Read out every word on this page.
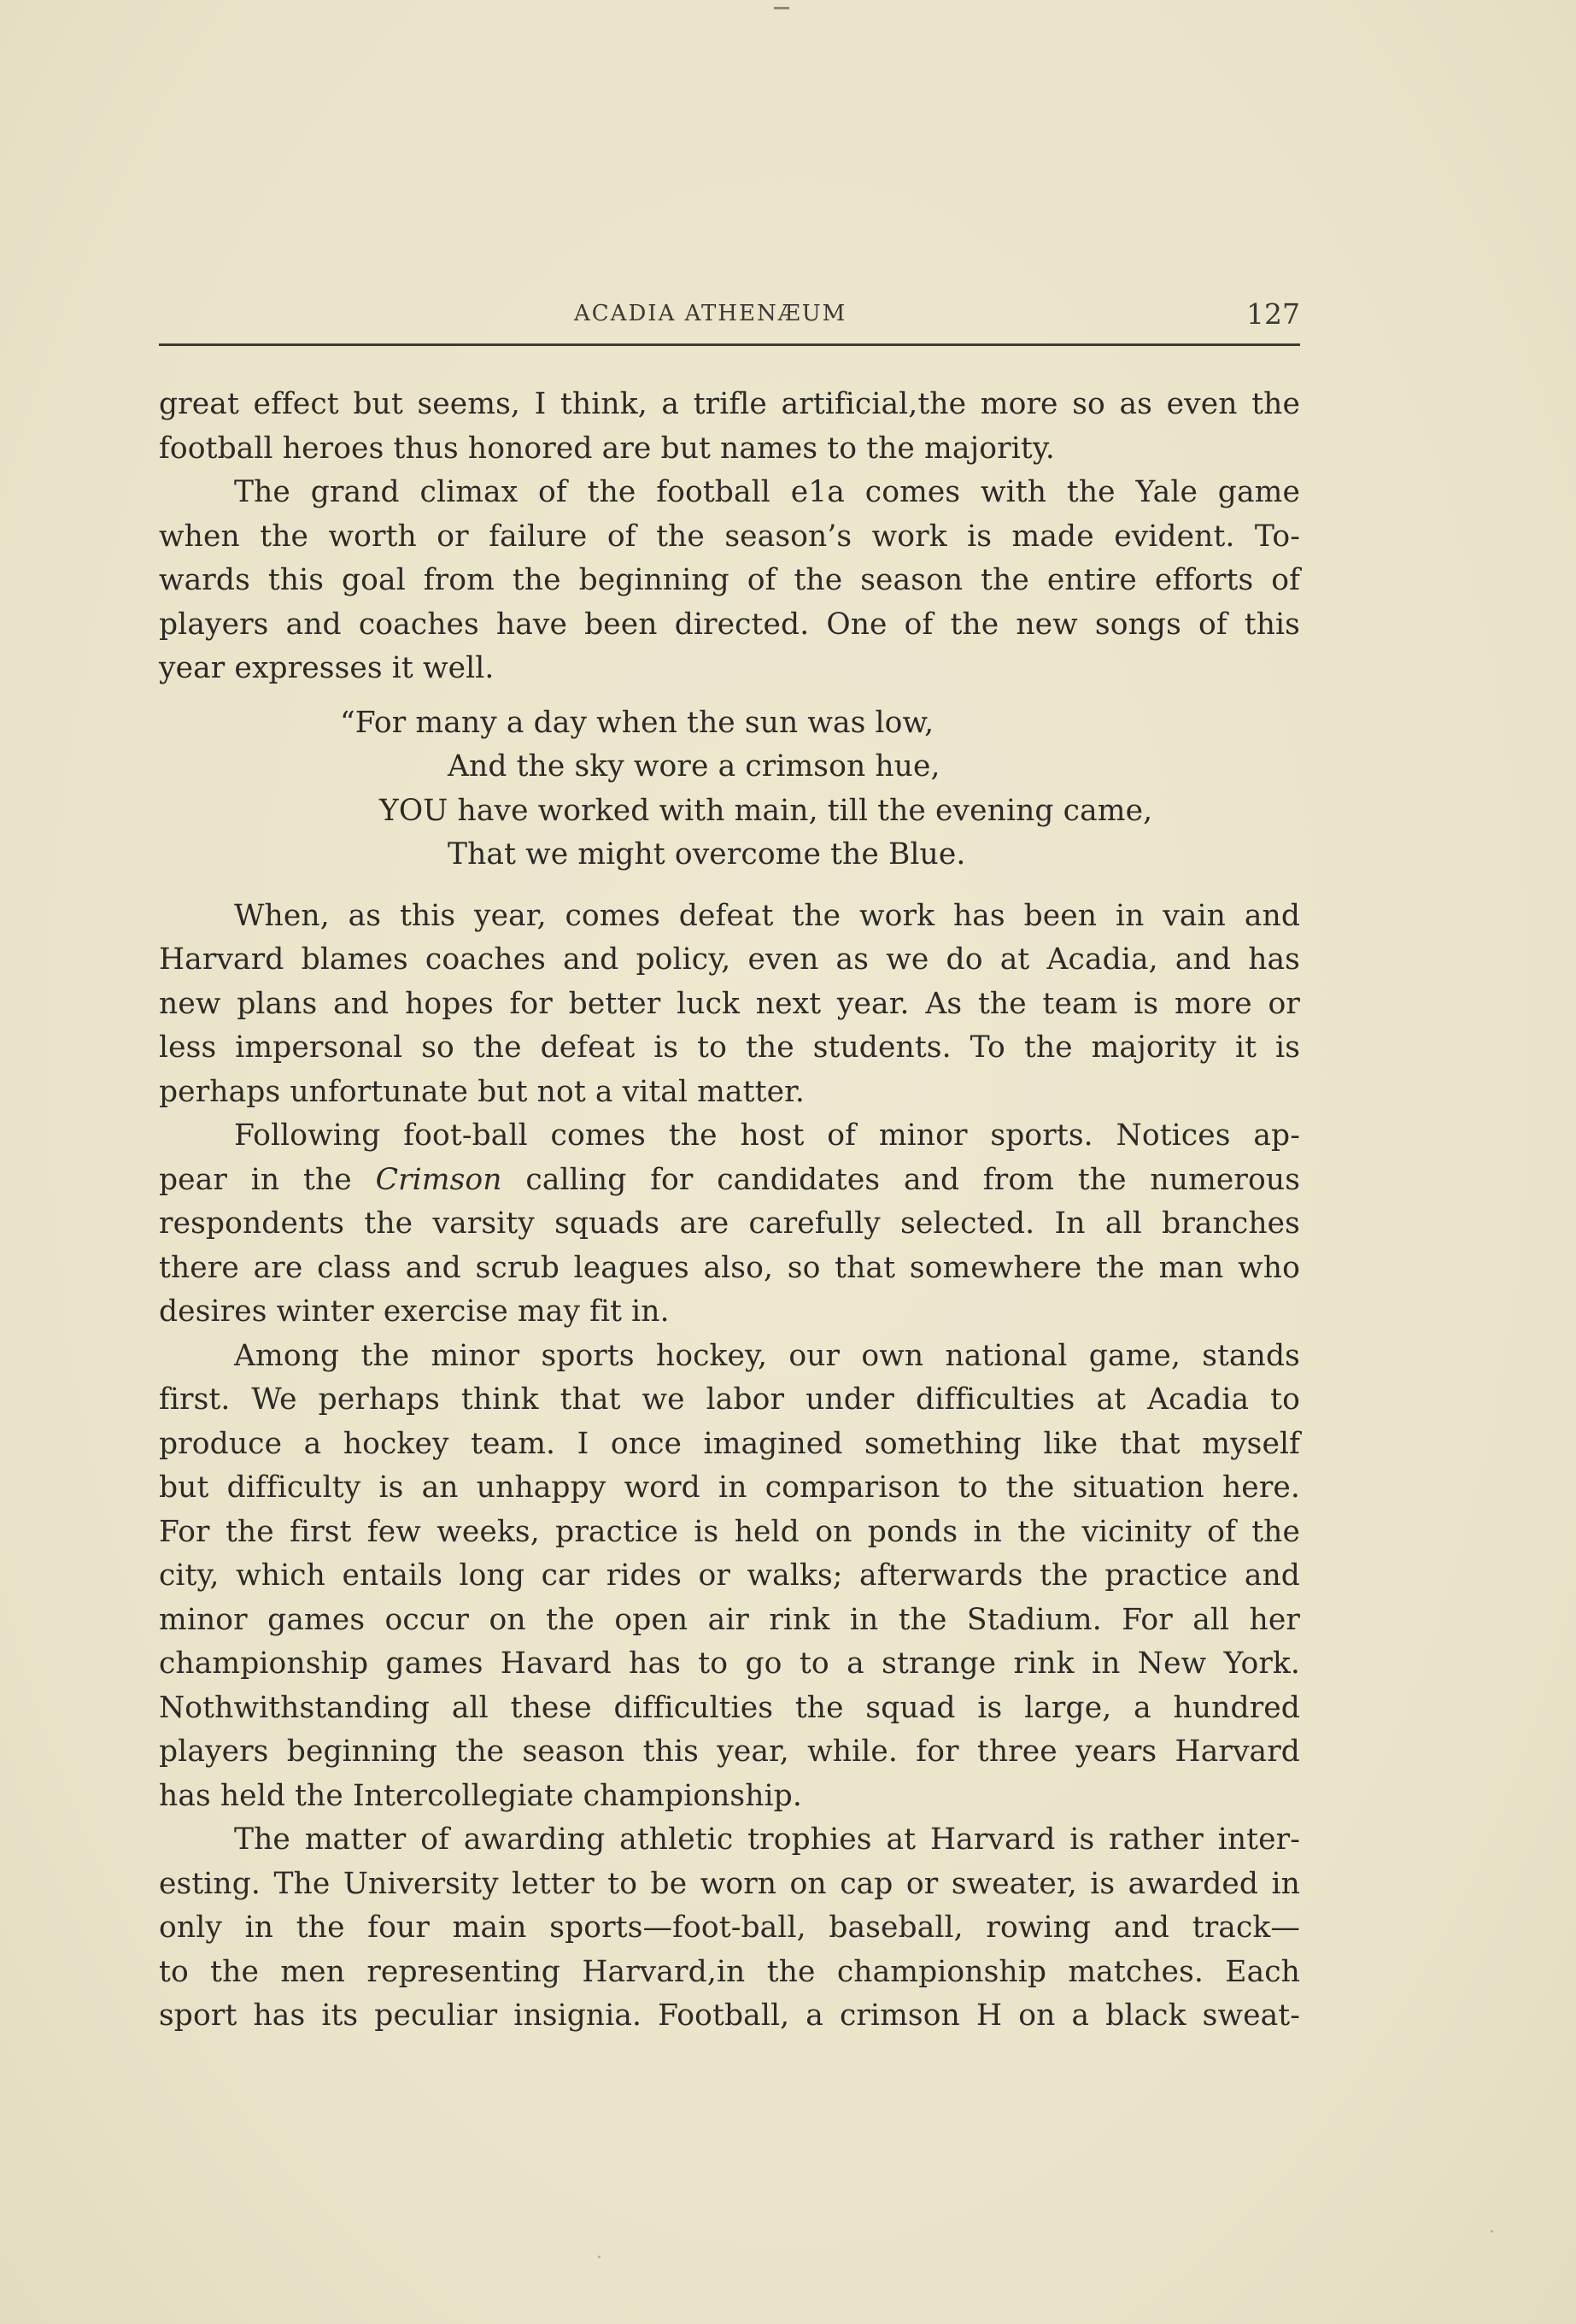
ACADIA ATHENÆUM	127
great effect but seems, I think, a trifle artificial,the more so as even the
football heroes thus honored are but names to the majority.
The grand climax of the football e1a comes with the Yale game
when the worth or failure of the season’s work is made evident. To-
wards this goal from the beginning of the season the entire efforts of
players and coaches have been directed. One of the new songs of this
year expresses it well.
“For many a day when the sun was low,
And the sky wore a crimson hue,
YOU have worked with main, till the evening came,
That we might overcome the Blue.
When, as this year, comes defeat the work has been in vain and
Harvard blames coaches and policy, even as we do at Acadia, and has
new plans and hopes for better luck next year. As the team is more or
less impersonal so the defeat is to the students. To the majority it is
perhaps unfortunate but not a vital matter.
Following foot-ball comes the host of minor sports. Notices ap-
pear in the Crimson calling for candidates and from the numerous
respondents the varsity squads are carefully selected. In all branches
there are class and scrub leagues also, so that somewhere the man who
desires winter exercise may fit in.
Among the minor sports hockey, our own national game, stands
first. We perhaps think that we labor under difficulties at Acadia to
produce a hockey team. I once imagined something like that myself
but difficulty is an unhappy word in comparison to the situation here.
For the first few weeks, practice is held on ponds in the vicinity of the
city, which entails long car rides or walks; afterwards the practice and
minor games occur on the open air rink in the Stadium. For all her
championship games Havard has to go to a strange rink in New York.
Nothwithstanding all these difficulties the squad is large, a hundred
players beginning the season this year, while. for three years Harvard
has held the Intercollegiate championship.
The matter of awarding athletic trophies at Harvard is rather inter-
esting. The University letter to be worn on cap or sweater, is awarded in
only in the four main sports—foot-ball, baseball, rowing and track—
to the men representing Harvard,in the championship matches. Each
sport has its peculiar insignia. Football, a crimson H on a black sweat-
